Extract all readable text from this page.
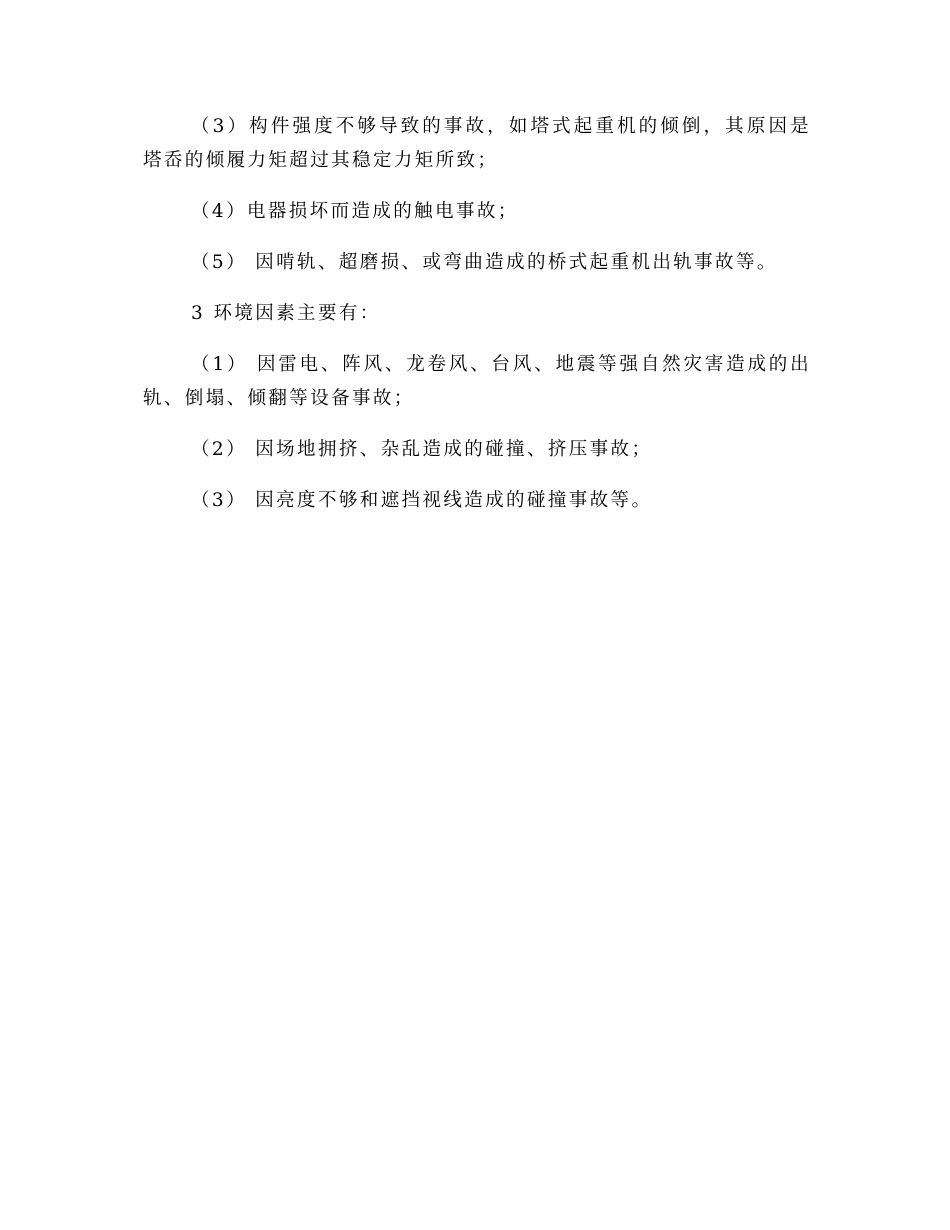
（3）构件强度不够导致的事故，如塔式起重机的倾倒，其原因是塔岙的倾履力矩超过其稳定力矩所致；

（4）电器损坏而造成的触电事故；

（5） 因啃轨、超磨损、或弯曲造成的桥式起重机出轨事故等。

3 环境因素主要有：

（1） 因雷电、阵风、龙卷风、台风、地震等强自然灾害造成的出轨、倒塌、倾翻等设备事故；

（2） 因场地拥挤、杂乱造成的碰撞、挤压事故；

（3） 因亮度不够和遮挡视线造成的碰撞事故等。
